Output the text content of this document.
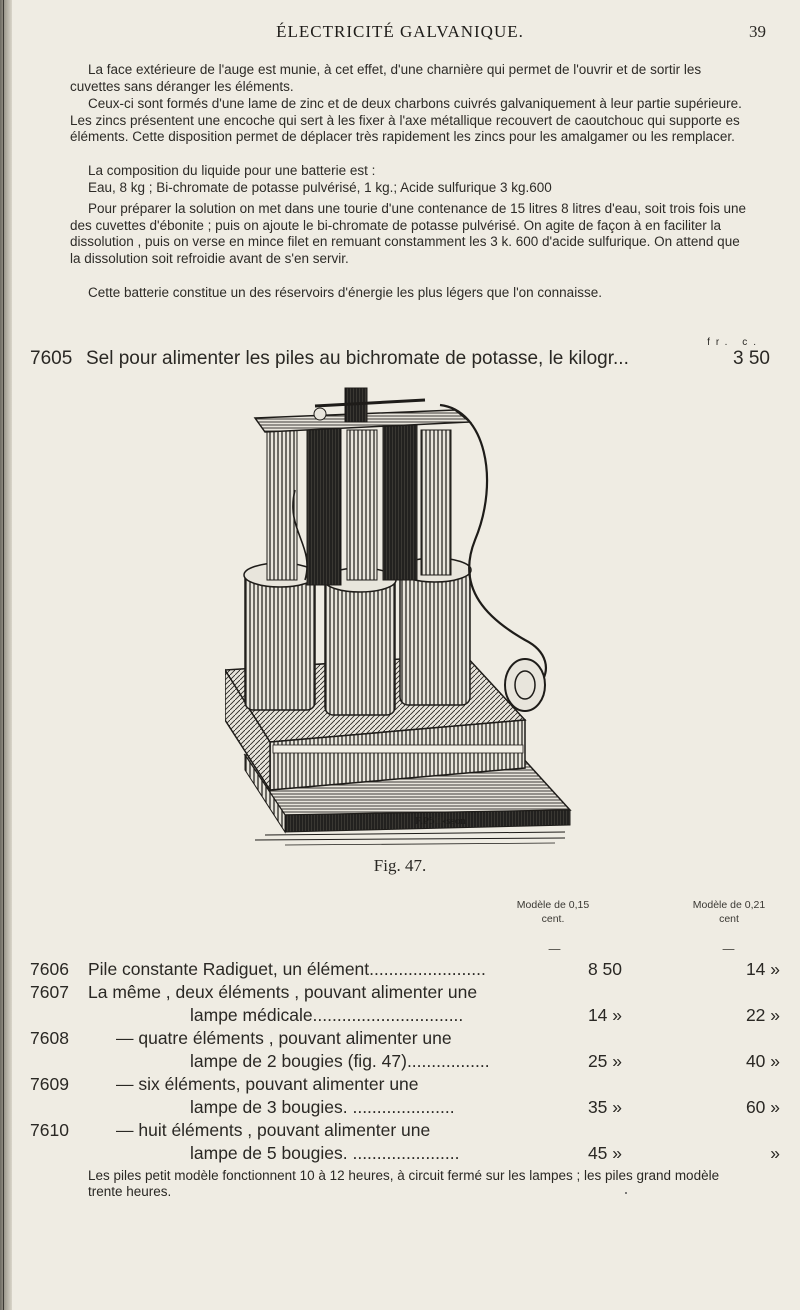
ÉLECTRICITÉ GALVANIQUE.	39
La face extérieure de l'auge est munie, à cet effet, d'une charnière qui permet de l'ouvrir et de sortir les cuvettes sans déranger les éléments.
Ceux-ci sont formés d'une lame de zinc et de deux charbons cuivrés galvaniquement à leur partie supérieure. Les zincs présentent une encoche qui sert à les fixer à l'axe métallique recouvert de caoutchouc qui supporte es éléments. Cette disposition permet de déplacer très rapidement les zincs pour les amalgamer ou les remplacer.
La composition du liquide pour une batterie est :
Eau, 8 kg ; Bi-chromate de potasse pulvérisé, 1 kg.; Acide sulfurique 3 kg.600
Pour préparer la solution on met dans une tourie d'une contenance de 15 litres 8 litres d'eau, soit trois fois une des cuvettes d'ébonite ; puis on ajoute le bi-chromate de potasse pulvérisé. On agite de façon à en faciliter la dissolution , puis on verse en mince filet en remuant constamment les 3 k. 600 d'acide sulfurique. On attend que la dissolution soit refroidie avant de s'en servir.
Cette batterie constitue un des réservoirs d'énergie les plus légers que l'on connaisse.
fr. c.
7605 Sel pour alimenter les piles au bichromate de potasse, le kilogr...	3 50
F.Pöliksson
Fig. 47.
Modèle de 0,15 cent.
Modèle de 0,21 cent
—	—
7606 Pile constante Radiguet, un élément........................	8 50	14 »
7607 La même , deux éléments , pouvant alimenter une
lampe médicale...............................	14 »	22 »
7608	— quatre éléments , pouvant alimenter une
lampe de 2 bougies (fig. 47).................	25 »	40 »
7609	— six éléments, pouvant alimenter une
lampe de 3 bougies. .....................	35 »	60 »
7610	— huit éléments , pouvant alimenter une
lampe de 5 bougies. ......................	45 »	»
Les piles petit modèle fonctionnent 10 à 12 heures, à circuit fermé sur les lampes ; les piles grand modèle trente heures.
